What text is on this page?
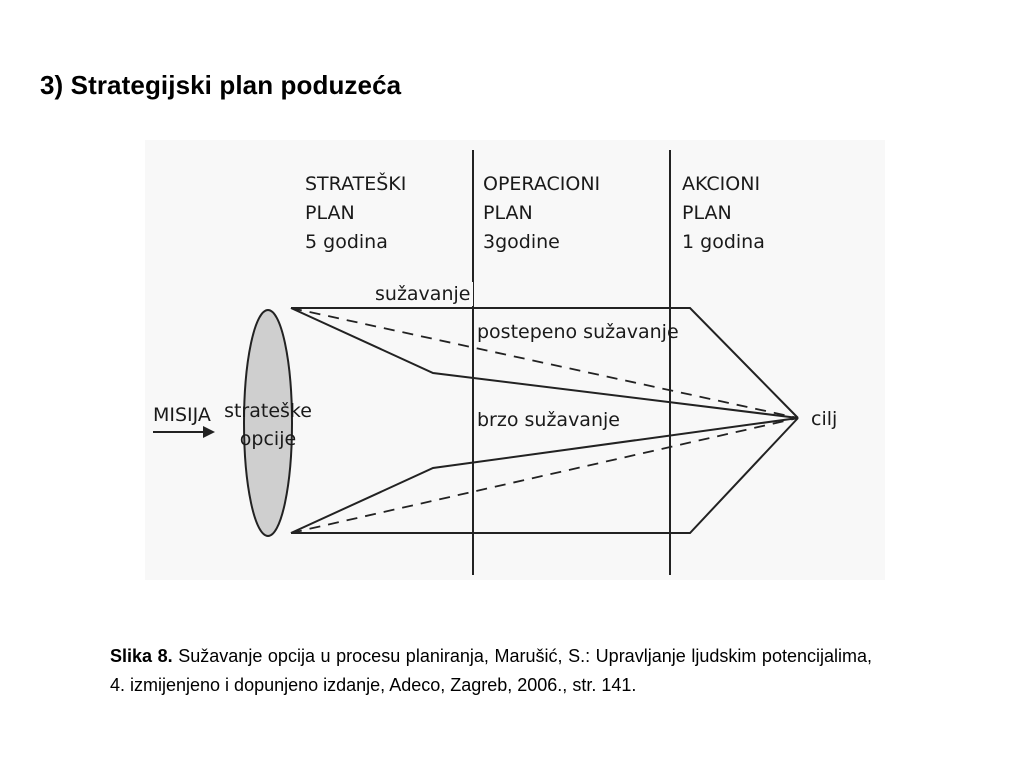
3) Strategijski plan poduzeća
STRATEŠKI
PLAN
5 godina
OPERACIONI
PLAN
3godine
AKCIONI
PLAN
1 godina
strateške
opcije
sužavanje
postepeno sužavanje
brzo sužavanje
MISIJA	cilj
Slika 8. Sužavanje opcija u procesu planiranja, Marušić, S.: Upravljanje ljudskim potencijalima, 4. izmijenjeno i dopunjeno izdanje, Adeco, Zagreb, 2006., str. 141.
